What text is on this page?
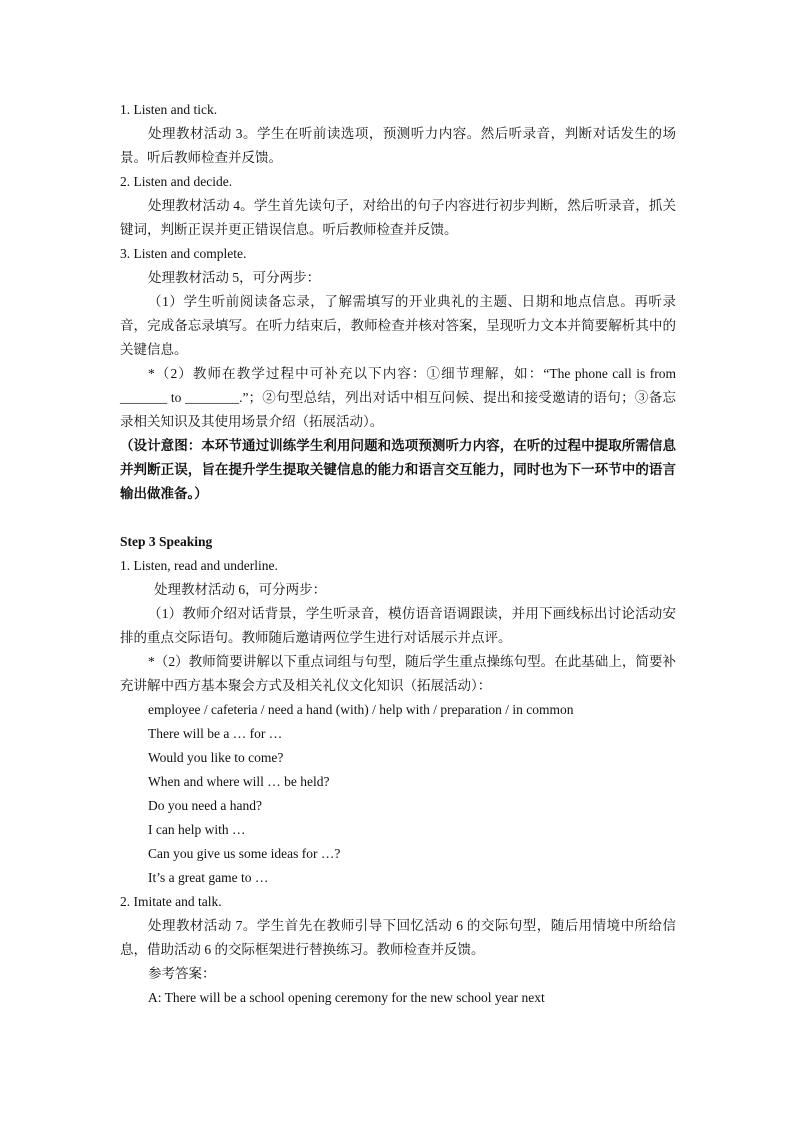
1. Listen and tick.
处理教材活动 3。学生在听前读选项，预测听力内容。然后听录音，判断对话发生的场景。听后教师检查并反馈。
2. Listen and decide.
处理教材活动 4。学生首先读句子，对给出的句子内容进行初步判断，然后听录音，抓关键词，判断正误并更正错误信息。听后教师检查并反馈。
3. Listen and complete.
处理教材活动 5，可分两步：
（1）学生听前阅读备忘录，了解需填写的开业典礼的主题、日期和地点信息。再听录音，完成备忘录填写。在听力结束后，教师检查并核对答案，呈现听力文本并简要解析其中的关键信息。
*（2）教师在教学过程中可补充以下内容：①细节理解，如：“The phone call is from _______ to ________.”；②句型总结，列出对话中相互问候、提出和接受邀请的语句；③备忘录相关知识及其使用场景介绍（拓展活动）。
（设计意图：本环节通过训练学生利用问题和选项预测听力内容，在听的过程中提取所需信息并判断正误，旨在提升学生提取关键信息的能力和语言交互能力，同时也为下一环节中的语言输出做准备。）
Step 3 Speaking
1. Listen, read and underline.
处理教材活动 6，可分两步：
（1）教师介绍对话背景，学生听录音，模仿语音语调跟读，并用下画线标出讨论活动安排的重点交际语句。教师随后邀请两位学生进行对话展示并点评。
*（2）教师简要讲解以下重点词组与句型，随后学生重点操练句型。在此基础上，简要补充讲解中西方基本聚会方式及相关礼仪文化知识（拓展活动）：
employee / cafeteria / need a hand (with) / help with / preparation / in common
There will be a … for …
Would you like to come?
When and where will … be held?
Do you need a hand?
I can help with …
Can you give us some ideas for …?
It’s a great game to …
2. Imitate and talk.
处理教材活动 7。学生首先在教师引导下回忆活动 6 的交际句型，随后用情境中所给信息，借助活动 6 的交际框架进行替换练习。教师检查并反馈。
参考答案：
A: There will be a school opening ceremony for the new school year next
